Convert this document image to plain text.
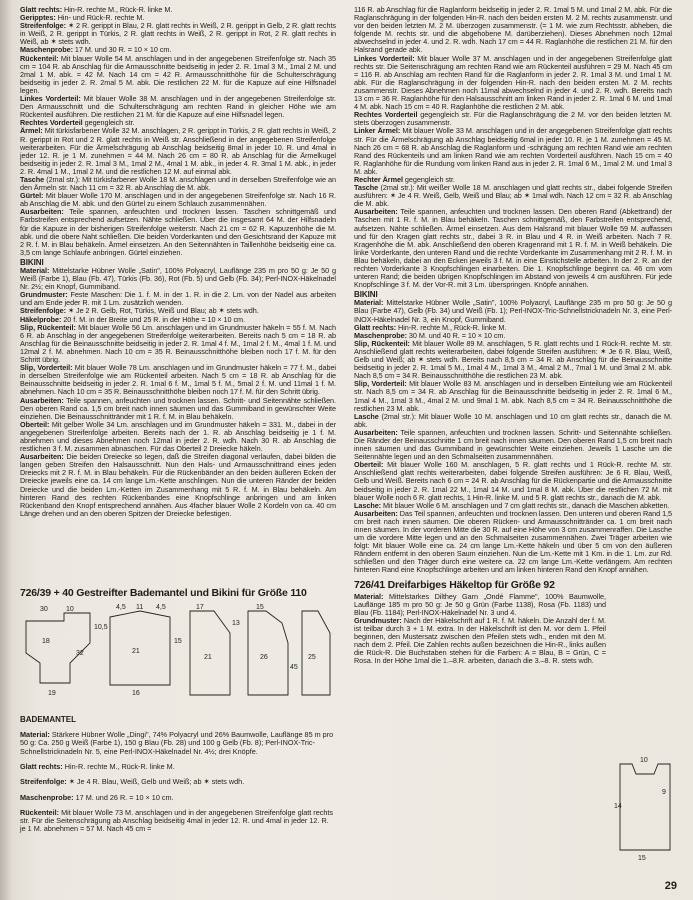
Glatt rechts: Hin-R. rechte M., Rück-R. linke M.

Geripptes: Hin- und Rück-R. rechte M.

Streifenfolge: ✶ 2 R. gerippt in Blau, 2 R. glatt rechts in Weiß, 2 R. gerippt in Gelb, 2 R. glatt rechts in Weiß, 2 R. gerippt in Türkis, 2 R. glatt rechts in Weiß, 2 R. gerippt in Rot, 2 R. glatt rechts in Weiß, ab ✶ stets wdh.

Maschenprobe: 17 M. und 30 R. = 10 × 10 cm.

Rückenteil: Mit blauer Wolle 54 M. anschlagen und in der angegebenen Streifenfolge str. Nach 35 cm = 104 R. ab Anschlag für die Armausschnitte beidseitig in jeder 2. R. 1mal 3 M., 1mal 2 M. und 2mal 1 M. abk. = 42 M. Nach 14 cm = 42 R. Armausschnitthöhe für die Schulterschrägung beidseitig in jeder 2. R. 2mal 5 M. abk. Die restlichen 22 M. für die Kapuze auf eine Hilfsnadel legen.

Linkes Vorderteil: Mit blauer Wolle 38 M. anschlagen und in der angegebenen Streifenfolge str. Den Armausschnitt und die Schulterschrägung am rechten Rand in gleicher Höhe wie am Rückenteil ausführen. Die restlichen 21 M. für die Kapuze auf eine Hilfsnadel legen.

Rechtes Vorderteil gegengleich str.

Ärmel: Mit türkisfarbener Wolle 32 M. anschlagen, 2 R. gerippt in Türkis, 2 R. glatt rechts in Weiß, 2 R. gerippt in Rot und 2 R. glatt rechts in Weiß str. Anschließend in der angegebenen Streifenfolge weiterarbeiten. Für die Ärmelschrägung ab Anschlag beidseitig 8mal in jeder 10. R. und 4mal in jeder 12. R. je 1 M. zunehmen = 44 M. Nach 26 cm = 80 R. ab Anschlag für die Ärmelkugel beidseitig in jeder 2. R. 1mal 3 M., 1mal 2 M., 4mal 1 M. abk., in jeder 4. R. 3mal 1 M. abk., in jeder 2. R. 4mal 1 M., 1mal 2 M. und die restlichen 12 M. auf einmal abk.

Tasche (2mal str.): Mit türkisfarbener Wolle 18 M. anschlagen und in derselben Streifenfolge wie an den Ärmeln str. Nach 11 cm = 32 R. ab Anschlag die M. abk.

Gürtel: Mit blauer Wolle 170 M. anschlagen und in der angegebenen Streifenfolge str. Nach 16 R. ab Anschlag die M. abk. und den Gürtel zu einem Schlauch zusammennähen.

Ausarbeiten: Teile spannen, anfeuchten und trocknen lassen. Taschen schnittgemäß und Farbstreifen entsprechend aufsetzen. Nähte schließen. Über die insgesamt 64 M. der Hilfsnadeln für die Kapuze in der bisherigen Streifenfolge weiterstr. Nach 21 cm = 62 R. Kapuzenhöhe die M. abk. und die obere Naht schließen. Die beiden Vorderkanten und den Gesichtsrand der Kapuze mit 2 R. f. M. in Blau behäkeln. Ärmel einsetzen. An den Seitennähten in Taillenhöhe beidseitig eine ca. 3,5 cm lange Schlaufe anbringen. Gürtel einziehen.

BIKINI

Material: Mittelstarke Hübner Wolle „Satin", 100% Polyacryl, Lauflänge 235 m pro 50 g: Je 50 g Weiß (Farbe 1), Blau (Fb. 47), Türkis (Fb. 36), Rot (Fb. 5) und Gelb (Fb. 34); Perl-INOX-Häkelnadel Nr. 2½; ein Knopf, Gummiband.

Grundmuster: Feste Maschen: Die 1. f. M. in der 1. R. in die 2. Lm. von der Nadel aus arbeiten und am Ende jeder R. mit 1 Lm. zusätzlich wenden.

Streifenfolge: ✶ Je 2 R. Gelb, Rot, Türkis, Weiß und Blau; ab ✶ stets wdh.

Häkelprobe: 20 f. M. in der Breite und 25 R. in der Höhe = 10 × 10 cm.

Slip, Rückenteil: Mit blauer Wolle 56 Lm. anschlagen und im Grundmuster häkeln = 55 f. M. Nach 6 R. ab Anschlag in der angegebenen Streifenfolge weiterarbeiten. Bereits nach 5 cm = 18 R. ab Anschlag für die Beinausschnitte beidseitig in jeder 2. R. 1mal 4 f. M., 1mal 2 f. M., 4mal 1 f. M. und 12mal 2 f. M. abnehmen. Nach 10 cm = 35 R. Beinausschnitthöhe bleiben noch 17 f. M. für den Schritt übrig.

Slip, Vorderteil: Mit blauer Wolle 78 Lm. anschlagen und im Grundmuster häkeln = 77 f. M., dabei in derselben Streifenfolge wie am Rückenteil arbeiten. Nach 5 cm = 18 R. ab Anschlag für die Beinausschnitte beidseitig in jeder 2. R. 1mal 6 f. M., 1mal 5 f. M., 5mal 2 f. M. und 11mal 1 f. M. abnehmen. Nach 10 cm = 35 R. Beinausschnitthöhe bleiben noch 17 f. M. für den Schritt übrig.

Ausarbeiten: Teile spannen, anfeuchten und trocknen lassen. Schritt- und Seitennähte schließen. Den oberen Rand ca. 1,5 cm breit nach innen säumen und das Gummiband in gewünschter Weite einziehen. Die Beinausschnittränder mit 1 R. f. M. in Blau behäkeln.

Oberteil: Mit gelber Wolle 34 Lm. anschlagen und im Grundmuster häkeln = 331. M., dabei in der angegebenen Streifenfolge arbeiten. Bereits nach der 1. R. ab Anschlag beidseitig je 1 f. M. abnehmen und dieses Abnehmen noch 12mal in jeder 2. R. wdh. Nach 30 R. ab Anschlag die restlichen 3 f. M. zusammen abnaschen. Für das Oberteil 2 Dreiecke häkeln.

Ausarbeiten: Die beiden Dreiecke so legen, daß die Streifen diagonal verlaufen, dabei bilden die langen geben Streifen den Halsausschnitt. Nun den Hals- und Armausschnittrand eines jeden Dreiecks mit 2 R. f. M. in Blau behäkeln. Für die Rückenbänder an den beiden äußeren Ecken der Dreiecke jeweils eine ca. 14 cm lange Lm.-Kette anschlingen. Nun die unteren Ränder der beiden Dreiecke und die beiden Lm.-Ketten im Zusammenhang mit 5 R. f. M. in Blau behäkeln. Am hinteren Rand des rechten Rückenbandes eine Knopfschlinge anbringen und am linken Rückenband den Knopf entsprechend annähen. Aus 4facher blauer Wolle 2 Kordeln von ca. 40 cm Länge drehen und an den oberen Spitzen der Dreiecke befestigen.

726/39 + 40 Gestreifter Bademantel und Bikini für Größe 110
30	10
18
32
19
10,5
4,5 11 4,5
21
16
15
17
13
21
15
26
45
25
BADEMANTEL

Material: Stärkere Hübner Wolle „Dingi", 74% Polyacryl und 26% Baumwolle, Lauflänge 85 m pro 50 g: Ca. 250 g Weiß (Farbe 1), 150 g Blau (Fb. 28) und 100 g Gelb (Fb. 8); Perl-INOX-Tric-Schnellstricknadeln Nr. 5, eine Perl-INOX-Häkelnadel Nr. 4½; drei Knöpfe.

Glatt rechts: Hin-R. rechte M., Rück-R. linke M.

Streifenfolge: ✶ Je 4 R. Blau, Weiß, Gelb und Weiß; ab ✶ stets wdh.

Maschenprobe: 17 M. und 26 R. = 10 × 10 cm.

Rückenteil: Mit blauer Wolle 73 M. anschlagen und in der angegebenen Streifenfolge glatt rechts str. Für die Seitenschrägung ab Anschlag beidseitig 4mal in jeder 12. R. und 4mal in jeder 12. R. je 1 M. abnehmen = 57 M. Nach 45 cm =

116 R. ab Anschlag für die Raglanform beidseitig in jeder 2. R. 1mal 5 M. und 1mal 2 M. abk. Für die Raglanschrägung in der folgenden Hin-R. nach den beiden ersten M. 2 M. rechts zusammenstr. und vor den beiden letzten M. 2 M. überzogen zusammenstr. (= 1 M. wie zum Rechtsstr. abheben, die folgende M. rechts str. und die abgehobene M. darüberziehen). Dieses Abnehmen noch 12mal abwechselnd in jeder 4. und 2. R. wdh. Nach 17 cm = 44 R. Raglanhöhe die restlichen 21 M. für den Halsrand gerade abk.

Linkes Vorderteil: Mit blauer Wolle 37 M. anschlagen und in der angegebenen Streifenfolge glatt rechts str. Die Seitenschrägung am rechten Rand wie am Rückenteil ausführen = 29 M. Nach 45 cm = 116 R. ab Anschlag am rechten Rand für die Raglanform in jeder 2. R. 1mal 3 M. und 1mal 1 M. abk. Für die Raglanschrägung in der folgenden Hin-R. nach den beiden ersten M. 2 M. rechts zusammenstr. Dieses Abnehmen noch 11mal abwechselnd in jeder 4. und 2. R. wdh. Bereits nach 13 cm = 36 R. Raglanhöhe für den Halsausschnitt am linken Rand in jeder 2. R. 1mal 6 M. und 1mal 4 M. abk. Nach 15 cm = 40 R. Raglanhöhe die restlichen 2 M. abk.

Rechtes Vorderteil gegengleich str. Für die Raglanschrägung die 2 M. vor den beiden letzten M. stets überzogen zusammenstr.

Linker Ärmel: Mit blauer Wolle 33 M. anschlagen und in der angegebenen Streifenfolge glatt rechts str. Für die Ärmelschrägung ab Anschlag beidseitig 6mal in jeder 10. R. je 1 M. zunehmen = 45 M. Nach 26 cm = 68 R. ab Anschlag die Raglanform und -schrägung am rechten Rand wie am rechten Rand des Rückenteils und am linken Rand wie am rechten Vorderteil ausführen. Nach 15 cm = 40 R. Raglanhöhe für die Rundung vom linken Rand aus in jeder 2. R. 1mal 6 M., 1mal 2 M. und 1mal 3 M. abk.

Rechter Ärmel gegengleich str.

Tasche (2mal str.): Mit weißer Wolle 18 M. anschlagen und glatt rechts str., dabei folgende Streifen ausführen: ✶ Je 4 R. Weiß, Gelb, Weiß und Blau; ab ✶ 1mal wdh. Nach 12 cm = 32 R. ab Anschlag die M. abk.

Ausarbeiten: Teile spannen, anfeuchten und trocknen lassen. Den oberen Rand (Abkettrand) der Taschen mit 1 R. f. M. in Blau behäkeln. Taschen schnittgemäß, den Farbstreifen entsprechend, aufsetzen. Nähte schließen. Ärmel einsetzen. Aus dem Halsrand mit blauer Wolle 59 M. auffassen und für den Kragen glatt rechts str., dabei 3 R. in Blau und 4 R. in Weiß arbeiten. Nach 7 R. Kragenhöhe die M. abk. Anschließend den oberen Kragenrand mit 1 R. f. M. in Weiß behäkeln. Die linke Vorderkante, den unteren Rand und die rechte Vorderkante im Zusammenhang mit 2 R. f. M. in Blau behäkeln, dabei an den Ecken jeweils 3 f. M. in eine Einstichstelle arbeiten. In der 2. R. an der rechten Vorderkante 3 Knopfschlingen einarbeiten. Die 1. Knopfschlinge beginnt ca. 46 cm vom unteren Rand; die beiden übrigen Knopfschlingen im Abstand von jeweils 4 cm ausführen. Für jede Knopfschlinge 3 f. M. der Vor-R. mit 3 Lm. überspringen. Knöpfe annähen.

BIKINI

Material: Mittelstarke Hübner Wolle „Satin", 100% Polyacryl, Lauflänge 235 m pro 50 g: Je 50 g Blau (Farbe 47), Gelb (Fb. 34) und Weiß (Fb. 1); Perl-INOX-Tric-Schnellstricknadeln Nr. 3, eine Perl-INOX-Häkelnadel Nr. 3, ein Knopf, Gummiband.

Glatt rechts: Hin-R. rechte M., Rück-R. linke M.

Maschenprobe: 30 M. und 40 R. = 10 × 10 cm.

Slip, Rückenteil: Mit blauer Wolle 89 M. anschlagen, 5 R. glatt rechts und 1 Rück-R. rechte M. str. Anschließend glatt rechts weiterarbeiten, dabei folgende Streifen ausführen: ✶ Je 6 R. Blau, Weiß, Gelb und Weiß; ab ✶ stets wdh. Bereits nach 8,5 cm = 34 R. ab Anschlag für die Beinausschnitte beidseitig in jeder 2. R. 1mal 5 M., 1mal 4 M., 1mal 3 M., 4mal 2 M., 7mal 1 M. und 3mal 2 M. abk. Nach 8,5 cm = 34 R. Beinausschnitthöhe die restlichen 23 M. abk.

Slip, Vorderteil: Mit blauer Wolle 83 M. anschlagen und in derselben Einteilung wie am Rückenteil str. Nach 8,5 cm = 34 R. ab Anschlag für die Beinausschnitte beidseitig in jeder 2. R. 1mal 6 M., 1mal 4 M., 1mal 3 M., 4mal 2 M. und 9mal 1 M. abk. Nach 8,5 cm = 34 R. Beinausschnitthöhe die restlichen 23 M. abk.

Lasche (2mal str.): Mit blauer Wolle 10 M. anschlagen und 10 cm glatt rechts str., danach die M. abk.

Ausarbeiten: Teile spannen, anfeuchten und trocknen lassen. Schritt- und Seitennähte schließen. Die Ränder der Beinausschnitte 1 cm breit nach innen säumen. Den oberen Rand 1,5 cm breit nach innen säumen und das Gummiband in gewünschter Weite einziehen. Jeweils 1 Lasche um die Seitennähte legen und an den Schmalseiten zusammennähen.

Oberteil: Mit blauer Wolle 160 M. anschlagen, 5 R. glatt rechts und 1 Rück-R. rechte M. str. Anschließend glatt rechts weiterarbeiten, dabei folgende Streifen ausführen: Je 6 R. Blau, Weiß, Gelb und Weiß. Bereits nach 6 cm = 24 R. ab Anschlag für die Rückenpartie und die Armausschnitte beidseitig in jeder 2. R. 1mal 22 M., 1mal 14 M. und 1mal 8 M. abk. Über die restlichen 72 M. mit blauer Wolle noch 6 R. glatt rechts, 1 Hin-R. linke M. und 5 R. glatt rechts str., danach die M. abk.

Lasche: Mit blauer Wolle 6 M. anschlagen und 7 cm glatt rechts str., danach die Maschen abketten.

Ausarbeiten: Das Teil spannen, anfeuchten und trocknen lassen. Den unteren und oberen Rand 1,5 cm breit nach innen säumen. Die oberen Rücken- und Armausschnittränder ca. 1 cm breit nach innen säumen. In der vorderen Mitte die 30 R. auf eine Höhe von 3 cm zusammenraffen. Die Lasche um die vordere Mitte legen und an den Schmalseiten zusammennähen. Zwei Träger arbeiten wie folgt: Mit blauer Wolle eine ca. 24 cm lange Lm.-Kette häkeln und über 5 cm von den äußeren Rändern entfernt in den oberen Saum einziehen. Nun die Lm.-Kette mit 1 Km. in die 1. Lm. zur Rd. schließen und den Träger durch eine weitere ca. 22 cm lange Lm.-Kette verlängern. Am rechten hinteren Rand eine Knopfschlinge arbeiten und am linken hinteren Rand den Knopf annähen.

726/41 Dreifarbiges Häkeltop für Größe 92

Material: Mittelstarkes Dilthey Garn „Ondé Flamme", 100% Baumwolle, Lauflänge 185 m pro 50 g: Je 50 g Grün (Farbe 1138), Rosa (Fb. 1183) und Blau (Fb. 1184); Perl-INOX-Häkelnadel Nr. 3 und 4.

Grundmuster: Nach der Häkelschrift auf 1 R. f. M. häkeln. Die Anzahl der f. M. ist teilbar durch 3 + 1 M. extra. In der Häkelschrift ist den M. vor dem 1. Pfeil beginnen, den Mustersatz zwischen den Pfeilen stets wdh., enden mit den M. nach dem 2. Pfeil. Die Zahlen rechts außen bezeichnen die Hin-R., links außen die Rück-R. Die Buchstaben stehen für die Farben: A = Blau, B = Grün, C = Rosa. In der Höhe 1mal die 1.–8.R. arbeiten, danach die 3.–8. R. stets wdh.

10
14
15
9
29
